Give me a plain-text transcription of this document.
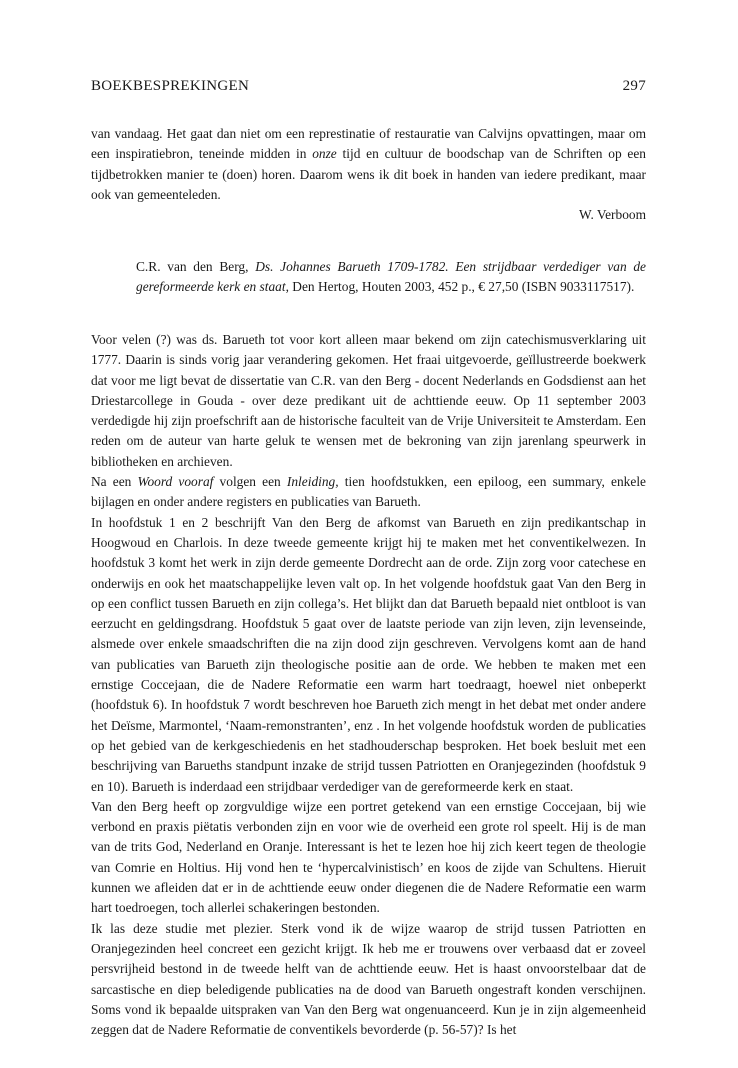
BOEKBESPREKINGEN	297

van vandaag. Het gaat dan niet om een represtinatie of restauratie van Calvijns opvattingen, maar om een inspiratiebron, teneinde midden in onze tijd en cultuur de boodschap van de Schriften op een tijdbetrokken manier te (doen) horen. Daarom wens ik dit boek in handen van iedere predikant, maar ook van gemeenteleden.

W. Verboom

C.R. van den Berg, Ds. Johannes Barueth 1709-1782. Een strijdbaar verdediger van de gereformeerde kerk en staat, Den Hertog, Houten 2003, 452 p., € 27,50 (ISBN 9033117517).

Voor velen (?) was ds. Barueth tot voor kort alleen maar bekend om zijn catechismusverklaring uit 1777. Daarin is sinds vorig jaar verandering gekomen. Het fraai uitgevoerde, geïllustreerde boekwerk dat voor me ligt bevat de dissertatie van C.R. van den Berg - docent Nederlands en Godsdienst aan het Driestarcollege in Gouda - over deze predikant uit de achttiende eeuw. Op 11 september 2003 verdedigde hij zijn proefschrift aan de historische faculteit van de Vrije Universiteit te Amsterdam. Een reden om de auteur van harte geluk te wensen met de bekroning van zijn jarenlang speurwerk in bibliotheken en archieven.

Na een Woord vooraf volgen een Inleiding, tien hoofdstukken, een epiloog, een summary, enkele bijlagen en onder andere registers en publicaties van Barueth.

In hoofdstuk 1 en 2 beschrijft Van den Berg de afkomst van Barueth en zijn predikantschap in Hoogwoud en Charlois. In deze tweede gemeente krijgt hij te maken met het conventikelwezen. In hoofdstuk 3 komt het werk in zijn derde gemeente Dordrecht aan de orde. Zijn zorg voor catechese en onderwijs en ook het maatschappelijke leven valt op. In het volgende hoofdstuk gaat Van den Berg in op een conflict tussen Barueth en zijn collega’s. Het blijkt dan dat Barueth bepaald niet ontbloot is van eerzucht en geldingsdrang. Hoofdstuk 5 gaat over de laatste periode van zijn leven, zijn levenseinde, alsmede over enkele smaadschriften die na zijn dood zijn geschreven. Vervolgens komt aan de hand van publicaties van Barueth zijn theologische positie aan de orde. We hebben te maken met een ernstige Coccejaan, die de Nadere Reformatie een warm hart toedraagt, hoewel niet onbeperkt (hoofdstuk 6). In hoofdstuk 7 wordt beschreven hoe Barueth zich mengt in het debat met onder andere het Deïsme, Marmontel, ‘Naam-remonstranten’, enz . In het volgende hoofdstuk worden de publicaties op het gebied van de kerkgeschiedenis en het stadhouderschap besproken. Het boek besluit met een beschrijving van Barueths standpunt inzake de strijd tussen Patriotten en Oranjegezinden (hoofdstuk 9 en 10). Barueth is inderdaad een strijdbaar verdediger van de gereformeerde kerk en staat.

Van den Berg heeft op zorgvuldige wijze een portret getekend van een ernstige Coccejaan, bij wie verbond en praxis piëtatis verbonden zijn en voor wie de overheid een grote rol speelt. Hij is de man van de trits God, Nederland en Oranje. Interessant is het te lezen hoe hij zich keert tegen de theologie van Comrie en Holtius. Hij vond hen te ‘hypercalvinistisch’ en koos de zijde van Schultens. Hieruit kunnen we afleiden dat er in de achttiende eeuw onder diegenen die de Nadere Reformatie een warm hart toedroegen, toch allerlei schakeringen bestonden.

Ik las deze studie met plezier. Sterk vond ik de wijze waarop de strijd tussen Patriotten en Oranjegezinden heel concreet een gezicht krijgt. Ik heb me er trouwens over verbaasd dat er zoveel persvrijheid bestond in de tweede helft van de achttiende eeuw. Het is haast onvoorstelbaar dat de sarcastische en diep beledigende publicaties na de dood van Barueth ongestraft konden verschijnen. Soms vond ik bepaalde uitspraken van Van den Berg wat ongenuanceerd. Kun je in zijn algemeenheid zeggen dat de Nadere Reformatie de conventikels bevorderde (p. 56-57)? Is het
